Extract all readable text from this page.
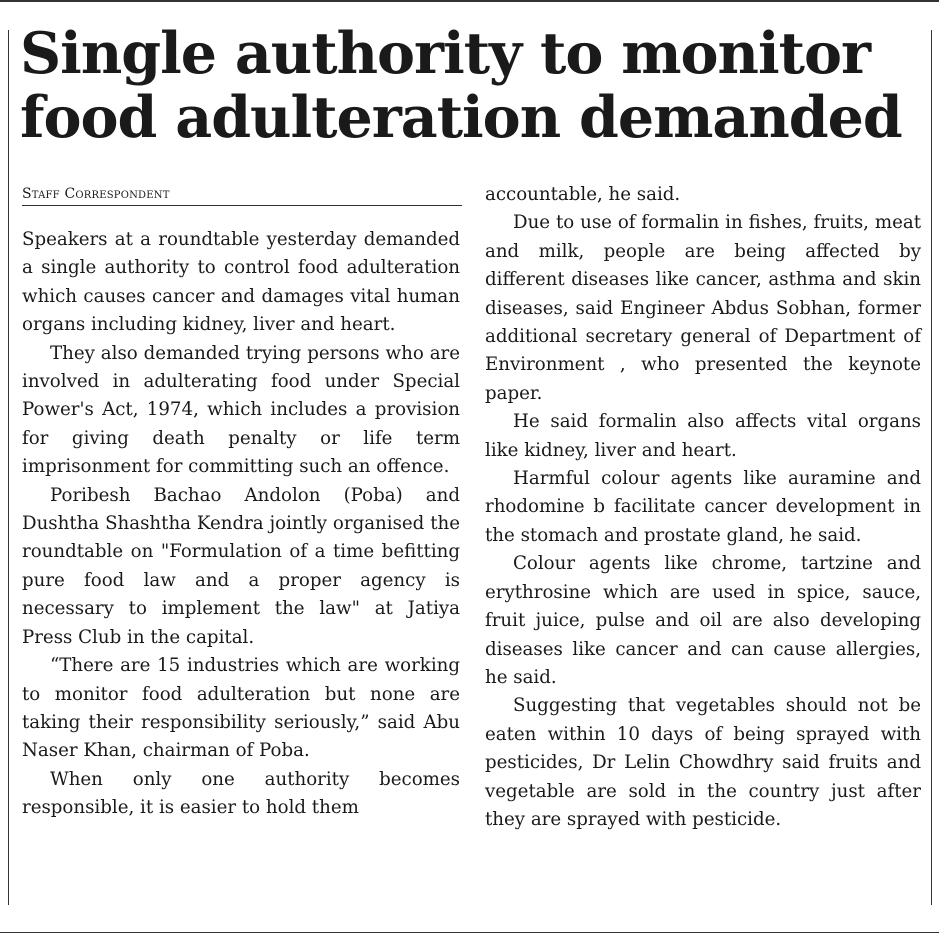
Single authority to monitor food adulteration demanded
Staff Correspondent

Speakers at a roundtable yesterday demanded a single authority to control food adulteration which causes cancer and damages vital human organs including kidney, liver and heart.

They also demanded trying persons who are involved in adulterating food under Special Power's Act, 1974, which includes a provision for giving death penalty or life term imprisonment for committing such an offence.

Poribesh Bachao Andolon (Poba) and Dushtha Shashtha Kendra jointly organised the roundtable on "Formulation of a time befitting pure food law and a proper agency is necessary to implement the law" at Jatiya Press Club in the capital.

“There are 15 industries which are working to monitor food adulteration but none are taking their responsibility seriously,” said Abu Naser Khan, chairman of Poba.

When only one authority becomes responsible, it is easier to hold them

accountable, he said.

Due to use of formalin in fishes, fruits, meat and milk, people are being affected by different diseases like cancer, asthma and skin diseases, said Engineer Abdus Sobhan, former additional secretary general of Department of Environment , who presented the keynote paper.

He said formalin also affects vital organs like kidney, liver and heart.

Harmful colour agents like auramine and rhodomine b facilitate cancer development in the stomach and prostate gland, he said.

Colour agents like chrome, tartzine and erythrosine which are used in spice, sauce, fruit juice, pulse and oil are also developing diseases like cancer and can cause allergies, he said.

Suggesting that vegetables should not be eaten within 10 days of being sprayed with pesticides, Dr Lelin Chowdhry said fruits and vegetable are sold in the country just after they are sprayed with pesticide.
